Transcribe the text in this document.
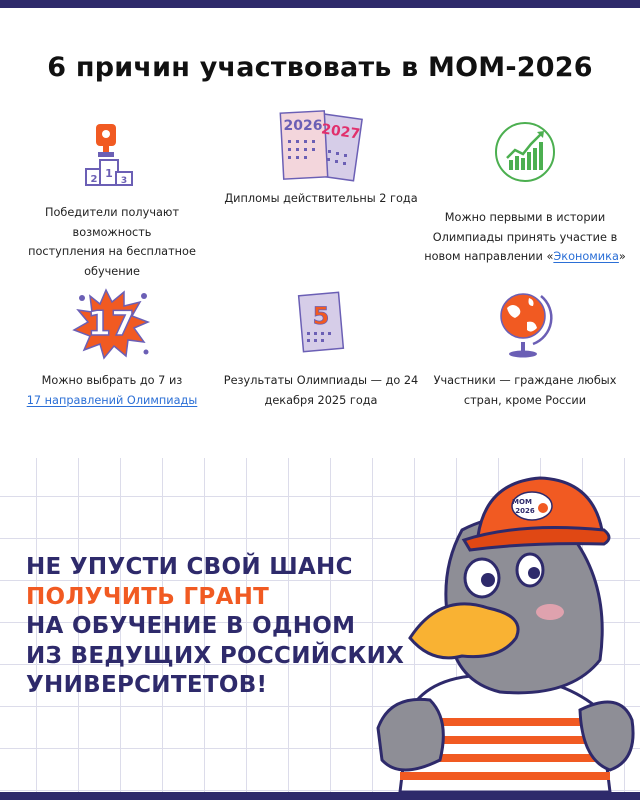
6 причин участвовать в МОМ-2026
2 1
3
Победители получают возможность
поступления на бесплатное
обучение
2026
2027
Дипломы действительны 2 года
Можно первыми в истории
Олимпиады принять участие в
новом направлении «Экономика»
17
Можно выбрать до 7 из
17 направлений Олимпиады
5
Результаты Олимпиады — до 24
декабря 2025 года
Участники — граждане любых
стран, кроме России
НЕ УПУСТИ СВОЙ ШАНС
ПОЛУЧИТЬ ГРАНТ
НА ОБУЧЕНИЕ В ОДНОМ
ИЗ ВЕДУЩИХ РОССИЙСКИХ
УНИВЕРСИТЕТОВ!
МОМ
2026
